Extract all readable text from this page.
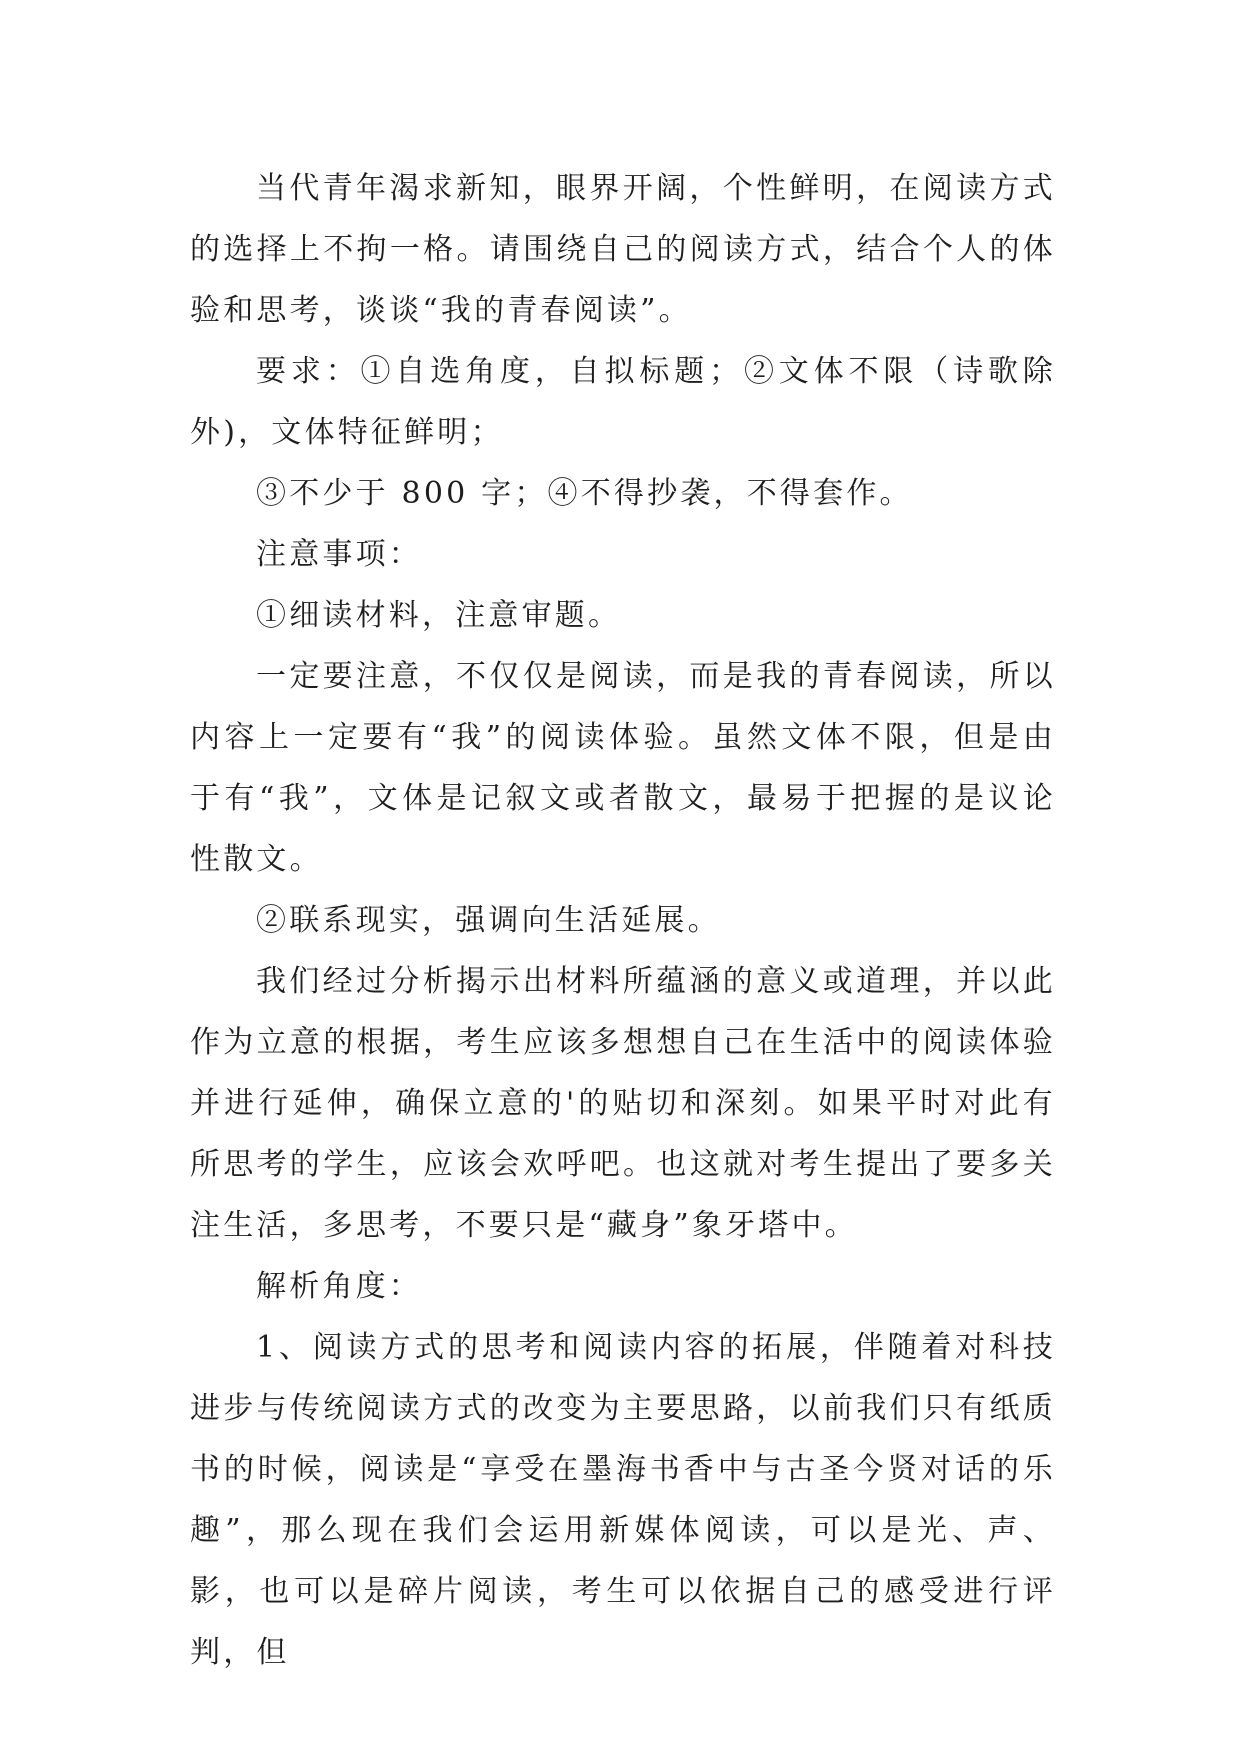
当代青年渴求新知，眼界开阔，个性鲜明，在阅读方式的选择上不拘一格。请围绕自己的阅读方式，结合个人的体验和思考，谈谈“我的青春阅读”。

要求：①自选角度，自拟标题；②文体不限（诗歌除外)，文体特征鲜明；

③不少于 800 字；④不得抄袭，不得套作。

注意事项：

①细读材料，注意审题。

一定要注意，不仅仅是阅读，而是我的青春阅读，所以内容上一定要有“我”的阅读体验。虽然文体不限，但是由于有“我”，文体是记叙文或者散文，最易于把握的是议论性散文。

②联系现实，强调向生活延展。

我们经过分析揭示出材料所蕴涵的意义或道理，并以此作为立意的根据，考生应该多想想自己在生活中的阅读体验并进行延伸，确保立意的'的贴切和深刻。如果平时对此有所思考的学生，应该会欢呼吧。也这就对考生提出了要多关注生活，多思考，不要只是“藏身”象牙塔中。

解析角度：

1、阅读方式的思考和阅读内容的拓展，伴随着对科技进步与传统阅读方式的改变为主要思路，以前我们只有纸质书的时候，阅读是“享受在墨海书香中与古圣今贤对话的乐趣”，那么现在我们会运用新媒体阅读，可以是光、声、影，也可以是碎片阅读，考生可以依据自己的感受进行评判，但
